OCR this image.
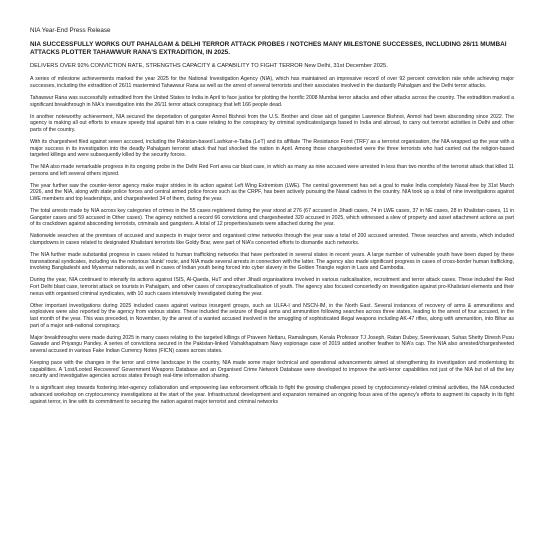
NIA Year-End Press Release
NIA SUCCESSFULLY WORKS OUT PAHALGAM & DELHI TERROR ATTACK PROBES / NOTCHES MANY MILESTONE SUCCESSES, INCLUDING 26/11 MUMBAI ATTACKS PLOTTER TAHAWWUR RANA'S EXTRADITION, IN 2025.
DELIVERS OVER 92% CONVICTION RATE, STRENGTHS CAPACITY & CAPABILITY TO FIGHT TERROR New Delhi, 31st December 2025.

A series of milestone achievements marked the year 2025 for the National Investigation Agency (NIA), which has maintained an impressive record of over 92 percent conviction rate while achieving major successes, including the extradition of 26/11 mastermind Tahawwur Rana as well as the arrest of several terrorists and their associates involved in the dastardly Pahalgam and the Delhi terror attacks.

Tahawwur Rana was successfully extradited from the United States to India in April to face justice for plotting the horrific 2008 Mumbai terror attacks and other attacks across the country. The extradition marked a significant breakthrough in NIA's investigation into the 26/11 terror attack conspiracy that left 166 people dead.

In another noteworthy achievement, NIA secured the deportation of gangster Anmol Bishnoi from the U.S. Brother and close aid of gangster Lawrence Bishnoi, Anmol had been absconding since 2022. The agency is making all out efforts to ensure speedy trial against him in a case relating to the conspiracy by criminal syndicates/gangs based in India and abroad, to carry out terrorist activities in Delhi and other parts of the country.

With its chargesheet filed against seven accused, including the Pakistan-based Lashkar-e-Taiba (LeT) and its affiliate 'The Resistance Front (TRF)' as a terrorist organisation, the NIA wrapped up the year with a major success in its investigation into the deadly Pahalgam terrorist attack that had shocked the nation in April. Among those chargesheeted were the three terrorists who had carried out the religion-based targeted killings and were subsequently killed by the security forces.

The NIA also made remarkable progress in its ongoing probe in the Delhi Red Fort area car blast case, in which as many as nine accused were arrested in less than two months of the terrorist attack that killed 11 persons and left several others injured.

The year further saw the counter-terror agency make major strides in its action against Left Wing Extremism (LWE). The central government has set a goal to make India completely Naxal-free by 31st March 2026, and the NIA, along with state police forces and central armed police forces such as the CRPF, has been actively pursuing the Naxal cadres in the country. NIA took up a total of nine investigations against LWE members and top leaderships, and chargesheeted 34 of them, during the year.

The total arrests made by NIA across key categories of crimes in the 55 cases registered during the year stood at 276 (67 accused in Jihadi cases, 74 in LWE cases, 37 in NE cases, 28 in Khalistan cases, 11 in Gangster cases and 59 accused in Other cases). The agency notched a record 66 convictions and chargesheeted 320 accused in 2025, which witnessed a slew of property and asset attachment actions as part of its crackdown against absconding terrorists, criminals and gangsters. A total of 12 properties/assets were attached during the year.

Nationwide searches at the premises of accused and suspects in major terror and organised crime networks through the year saw a total of 200 accused arrested. These searches and arrests, which included clampdowns in cases related to designated Khalistani terrorists like Goldy Brar, were part of NIA's concerted efforts to dismantle such networks.

The NIA further made substantial progress in cases related to human trafficking networks that have perforated in several states in recent years. A large number of vulnerable youth have been duped by these transnational syndicates, including via the notorious 'dunki' route, and NIA made several arrests in connection with the latter. The agency also made significant progress in cases of cross-border human trafficking, involving Bangladeshi and Myanmar nationals, as well in cases of Indian youth being forced into cyber slavery in the Golden Triangle region in Laos and Cambodia.

During the year, NIA continued to intensify its actions against ISIS, Al-Qaeda, HuT and other Jihadi organisations involved in various radicalisation, recruitment and terror attack cases. These included the Red Fort Delhi blast case, terrorist attack on tourists in Pahalgam, and other cases of conspiracy/radicalisation of youth. The agency also focused concertedly on investigation against pro-Khalistani elements and their nexus with organised criminal syndicates, with 10 such cases intensively investigated during the year.

Other important investigations during 2025 included cases against various insurgent groups, such as ULFA-I and NSCN-IM, in the North East. Several instances of recovery of arms & ammunitions and explosives were also reported by the agency from various states. These included the seizure of illegal arms and ammunition following searches across three states, leading to the arrest of four accused, in the last month of the year. This was preceded, in November, by the arrest of a wanted accused involved in the smuggling of sophisticated illegal weapons including AK-47 rifles, along with ammunition, into Bihar as part of a major anti-national conspiracy.

Major breakthroughs were made during 2025 in many cases relating to the targeted killings of Praveen Nettaru, Ramalingam, Kerala Professor TJ Joseph, Ratan Dubey, Sreenivasan, Suhas Shetty Dinesh Pusu Gawade and Priyangu Pandey. A series of convictions secured in the Pakistan-linked Vishakhapatnam Navy espionage case of 2019 added another feather to NIA's cap. The NIA also arrested/chargesheeted several accused in various Fake Indian Currency Notes (FICN) cases across states.

Keeping pace with the changes in the terror and crime landscape in the country, NIA made some major technical and operational advancements aimed at strengthening its investigation and modernising its capabilities. A 'Lost/Looted Recovered' Government Weapons Database and an Organised Crime Network Database were developed to improve the anti-terror capabilities not just of the NIA but of all the key security and investigative agencies across states through real-time information sharing.

In a significant step towards fostering inter-agency collaboration and empowering law enforcement officials to fight the growing challenges posed by cryptocurrency-related criminal activities, the NIA conducted advanced workshop on cryptocurrency investigations at the start of the year. Infrastructural development and expansion remained an ongoing focus area of the agency's efforts to augment its capacity in its fight against terror, in line with its commitment to securing the nation against major terrorist and criminal networks
